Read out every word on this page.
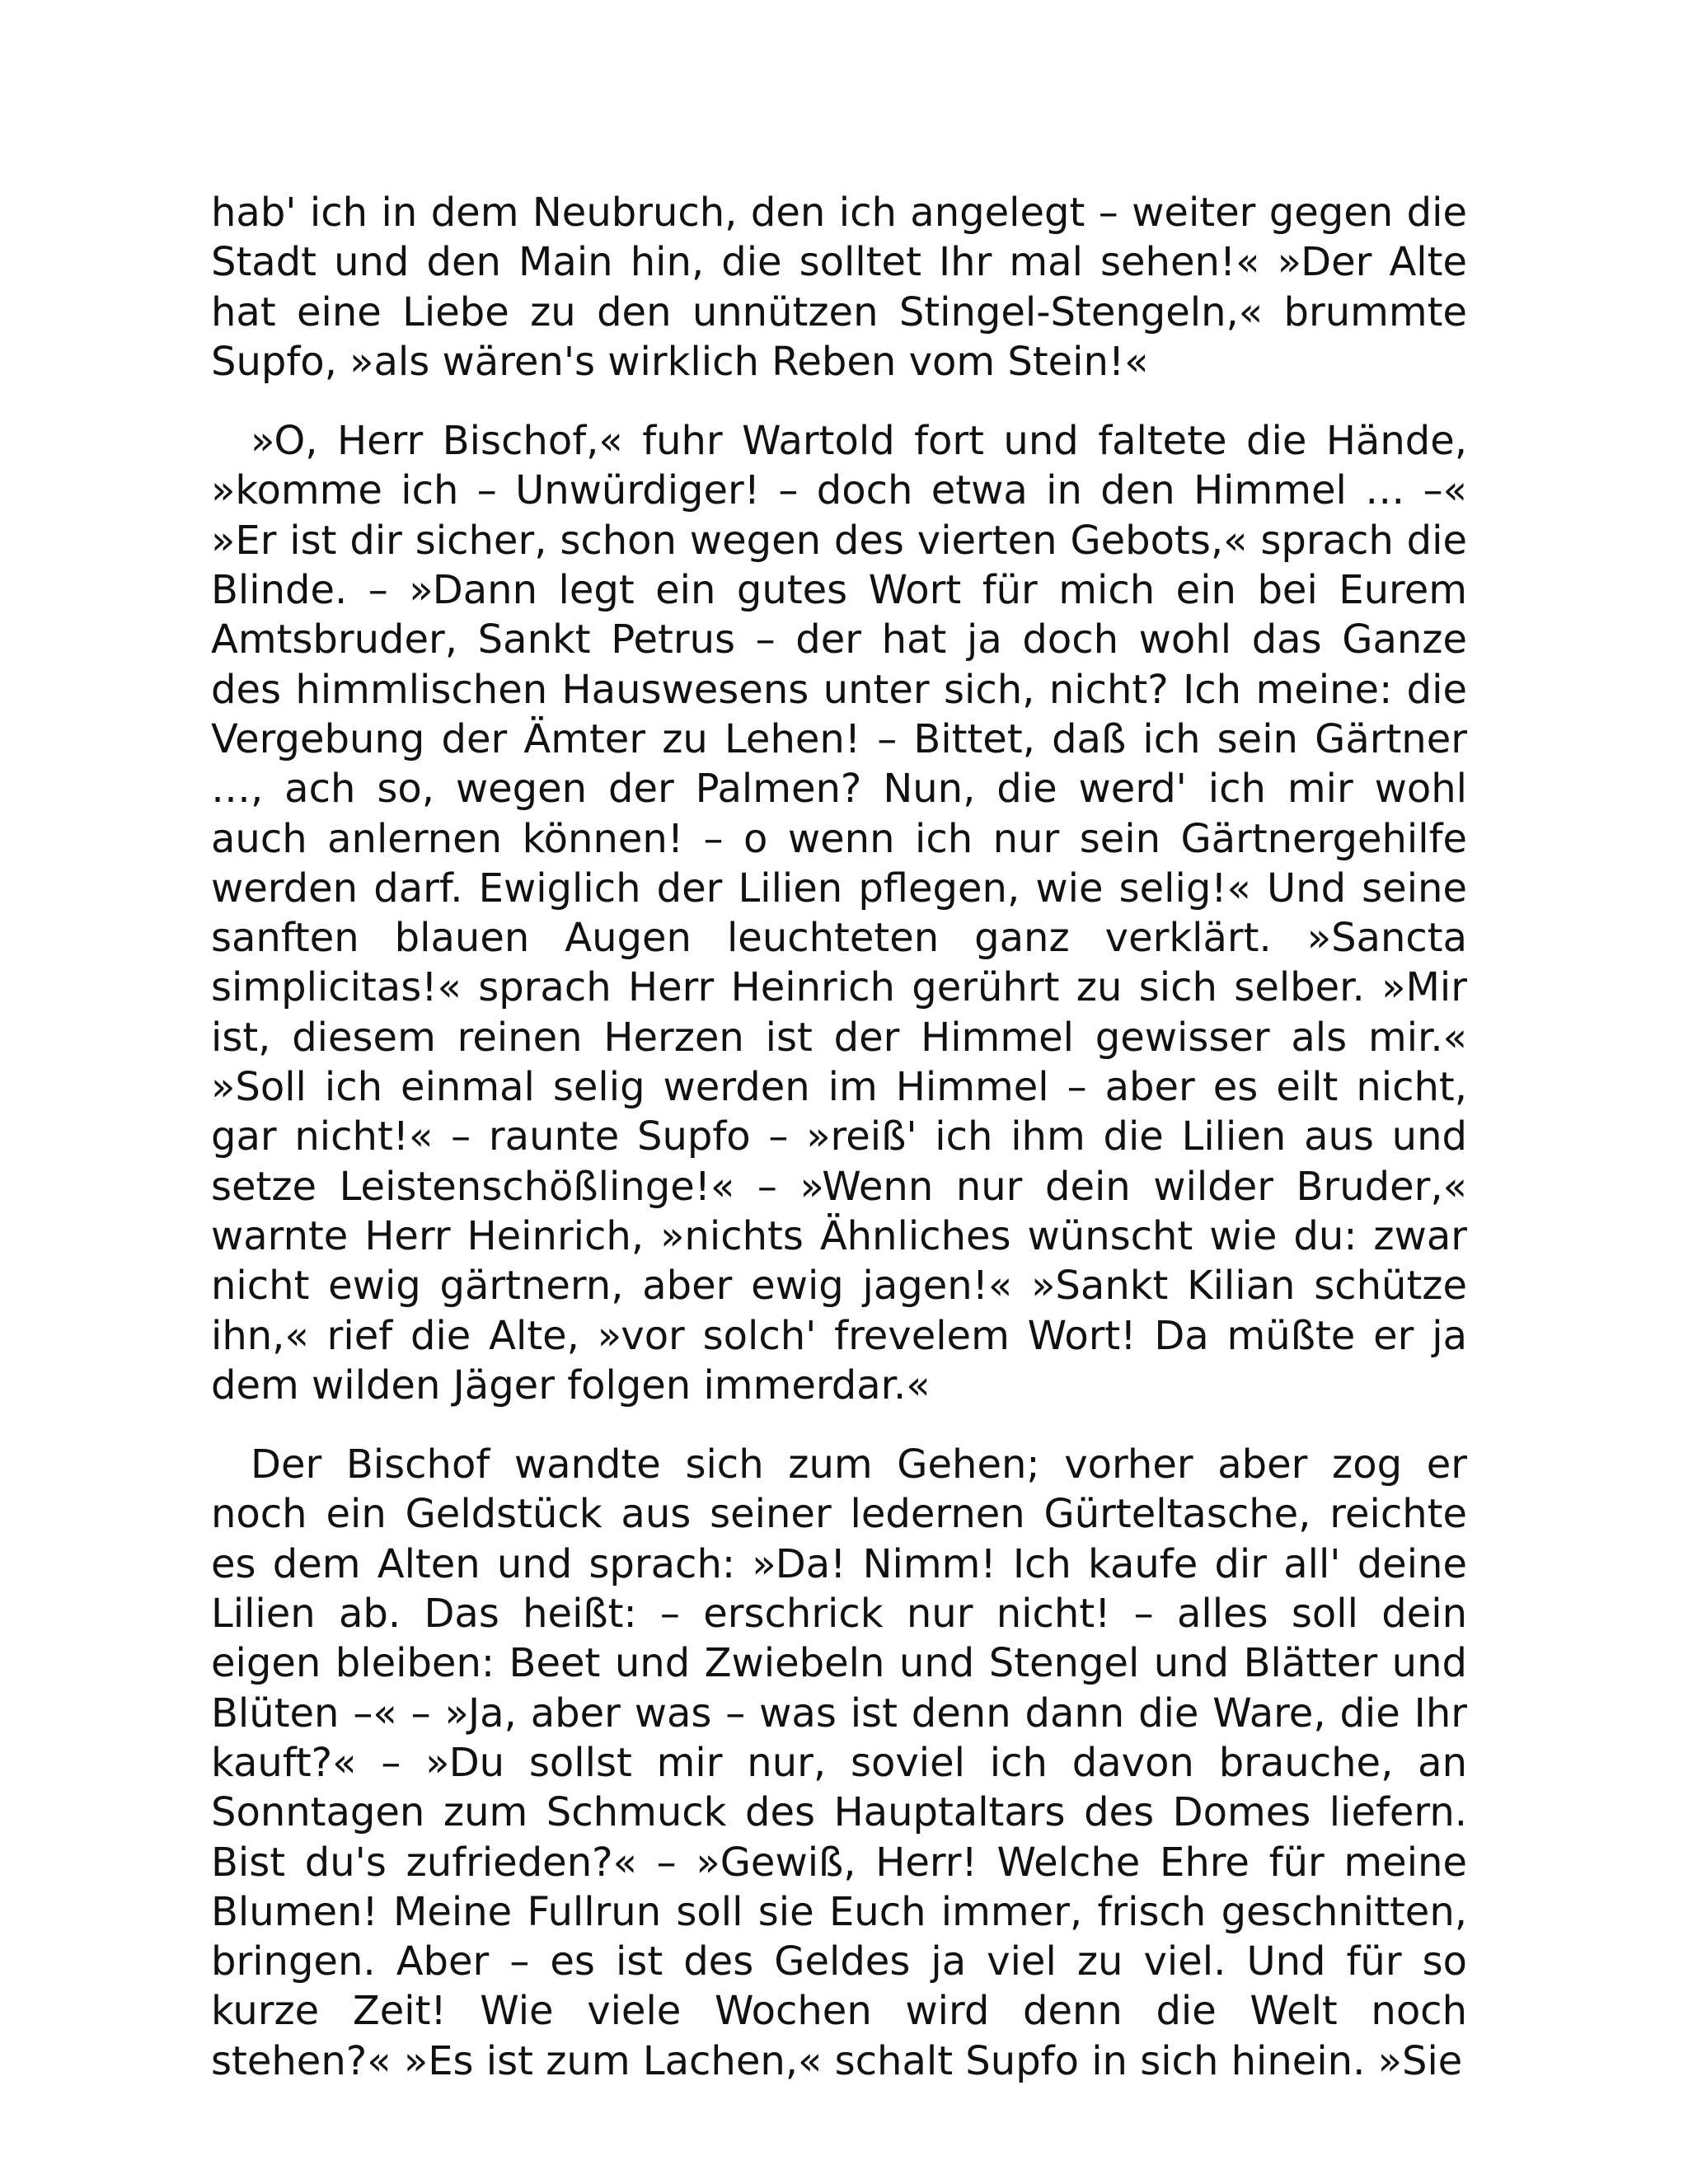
hab' ich in dem Neubruch, den ich angelegt – weiter gegen die Stadt und den Main hin, die solltet Ihr mal sehen!« »Der Alte hat eine Liebe zu den unnützen Stingel-Stengeln,« brummte Supfo, »als wären's wirklich Reben vom Stein!«

»O, Herr Bischof,« fuhr Wartold fort und faltete die Hände, »komme ich – Unwürdiger! – doch etwa in den Himmel … –« »Er ist dir sicher, schon wegen des vierten Gebots,« sprach die Blinde. – »Dann legt ein gutes Wort für mich ein bei Eurem Amtsbruder, Sankt Petrus – der hat ja doch wohl das Ganze des himmlischen Hauswesens unter sich, nicht? Ich meine: die Vergebung der Ämter zu Lehen! – Bittet, daß ich sein Gärtner …, ach so, wegen der Palmen? Nun, die werd' ich mir wohl auch anlernen können! – o wenn ich nur sein Gärtnergehilfe werden darf. Ewiglich der Lilien pflegen, wie selig!« Und seine sanften blauen Augen leuchteten ganz verklärt. »Sancta simplicitas!« sprach Herr Heinrich gerührt zu sich selber. »Mir ist, diesem reinen Herzen ist der Himmel gewisser als mir.« »Soll ich einmal selig werden im Himmel – aber es eilt nicht, gar nicht!« – raunte Supfo – »reiß' ich ihm die Lilien aus und setze Leistenschößlinge!« – »Wenn nur dein wilder Bruder,« warnte Herr Heinrich, »nichts Ähnliches wünscht wie du: zwar nicht ewig gärtnern, aber ewig jagen!« »Sankt Kilian schütze ihn,« rief die Alte, »vor solch' frevelem Wort! Da müßte er ja dem wilden Jäger folgen immerdar.«

Der Bischof wandte sich zum Gehen; vorher aber zog er noch ein Geldstück aus seiner ledernen Gürteltasche, reichte es dem Alten und sprach: »Da! Nimm! Ich kaufe dir all' deine Lilien ab. Das heißt: – erschrick nur nicht! – alles soll dein eigen bleiben: Beet und Zwiebeln und Stengel und Blätter und Blüten –« – »Ja, aber was – was ist denn dann die Ware, die Ihr kauft?« – »Du sollst mir nur, soviel ich davon brauche, an Sonntagen zum Schmuck des Hauptaltars des Domes liefern. Bist du's zufrieden?« – »Gewiß, Herr! Welche Ehre für meine Blumen! Meine Fullrun soll sie Euch immer, frisch geschnitten, bringen. Aber – es ist des Geldes ja viel zu viel. Und für so kurze Zeit! Wie viele Wochen wird denn die Welt noch stehen?« »Es ist zum Lachen,« schalt Supfo in sich hinein. »Sie
